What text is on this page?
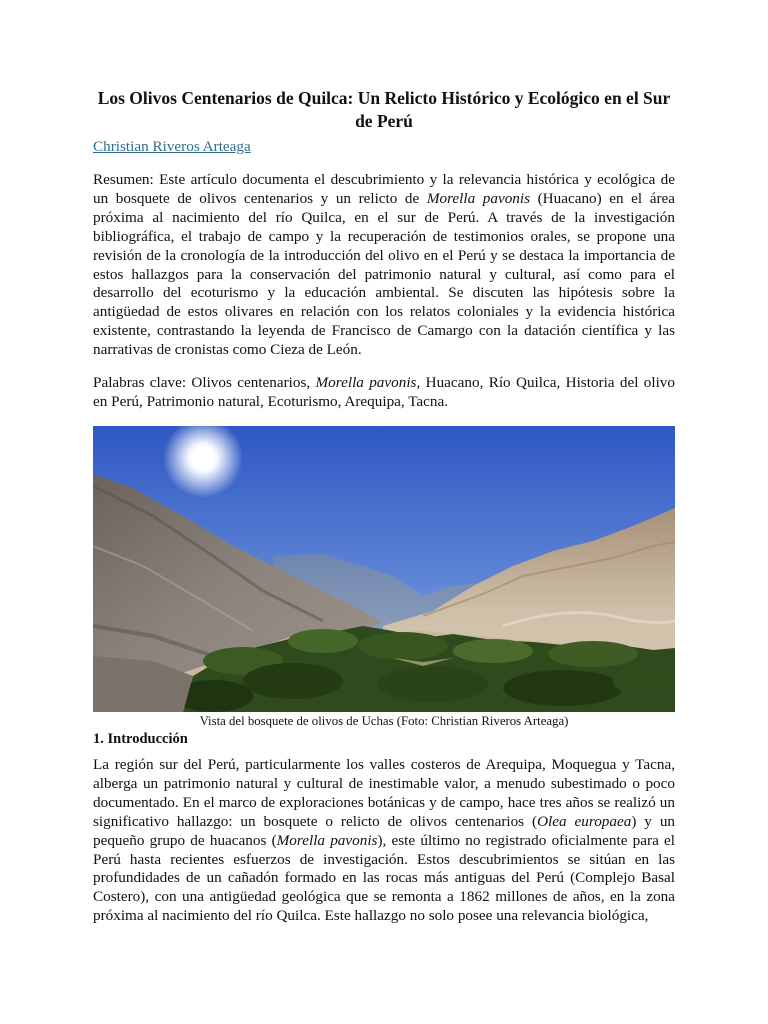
Los Olivos Centenarios de Quilca: Un Relicto Histórico y Ecológico en el Sur de Perú
Christian Riveros Arteaga
Resumen: Este artículo documenta el descubrimiento y la relevancia histórica y ecológica de un bosquete de olivos centenarios y un relicto de Morella pavonis (Huacano) en el área próxima al nacimiento del río Quilca, en el sur de Perú. A través de la investigación bibliográfica, el trabajo de campo y la recuperación de testimonios orales, se propone una revisión de la cronología de la introducción del olivo en el Perú y se destaca la importancia de estos hallazgos para la conservación del patrimonio natural y cultural, así como para el desarrollo del ecoturismo y la educación ambiental. Se discuten las hipótesis sobre la antigüedad de estos olivares en relación con los relatos coloniales y la evidencia histórica existente, contrastando la leyenda de Francisco de Camargo con la datación científica y las narrativas de cronistas como Cieza de León.
Palabras clave: Olivos centenarios, Morella pavonis, Huacano, Río Quilca, Historia del olivo en Perú, Patrimonio natural, Ecoturismo, Arequipa, Tacna.
Vista del bosquete de olivos de Uchas (Foto: Christian Riveros Arteaga)
1. Introducción
La región sur del Perú, particularmente los valles costeros de Arequipa, Moquegua y Tacna, alberga un patrimonio natural y cultural de inestimable valor, a menudo subestimado o poco documentado. En el marco de exploraciones botánicas y de campo, hace tres años se realizó un significativo hallazgo: un bosquete o relicto de olivos centenarios (Olea europaea) y un pequeño grupo de huacanos (Morella pavonis), este último no registrado oficialmente para el Perú hasta recientes esfuerzos de investigación. Estos descubrimientos se sitúan en las profundidades de un cañadón formado en las rocas más antiguas del Perú (Complejo Basal Costero), con una antigüedad geológica que se remonta a 1862 millones de años, en la zona próxima al nacimiento del río Quilca. Este hallazgo no solo posee una relevancia biológica,
